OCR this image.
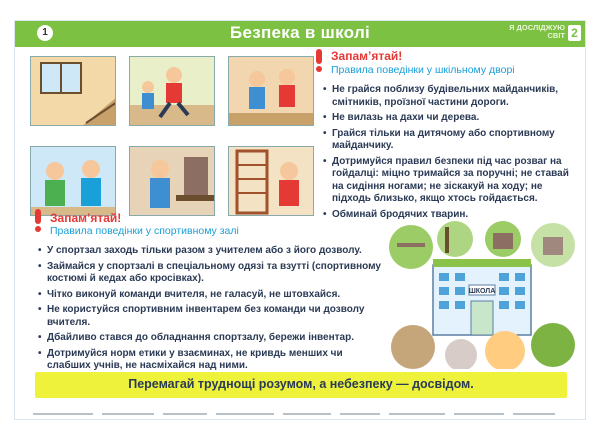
1	Безпека в школі	Я ДОСЛІДЖУЮ
СВІТ 2
Запам’ятай!
Правила поведінки у шкільному дворі
• Не грайся поблизу будівельних майданчиків, смітників, проїзної частини дороги.
• Не вилазь на дахи чи дерева.
• Грайся тільки на дитячому або спортивному майданчику.
• Дотримуйся правил безпеки під час розваг на гойдалці: міцно тримайся за поручні; не ставай на сидіння ногами; не зіскакуй на ходу; не підходь близько, якщо хтось гойдається.
• Обминай бродячих тварин.
Запам’ятай!
Правила поведінки у спортивному залі
• У спортзал заходь тільки разом з учителем або з його дозволу.
• Займайся у спортзалі в спеціальному одязі та взутті (спортивному костюмі й кедах або кросівках).
• Чітко виконуй команди вчителя, не галасуй, не штовхайся.
• Не користуйся спортивним інвентарем без команди чи дозволу вчителя.
• Дбайливо стався до обладнання спортзалу, бережи інвентар.
• Дотримуйся норм етики у взаєминах, не кривдь менших чи слабших учнів, не насміхайся над ними.
ШКОЛА
Перемагай труднощі розумом, а небезпеку — досвідом.
